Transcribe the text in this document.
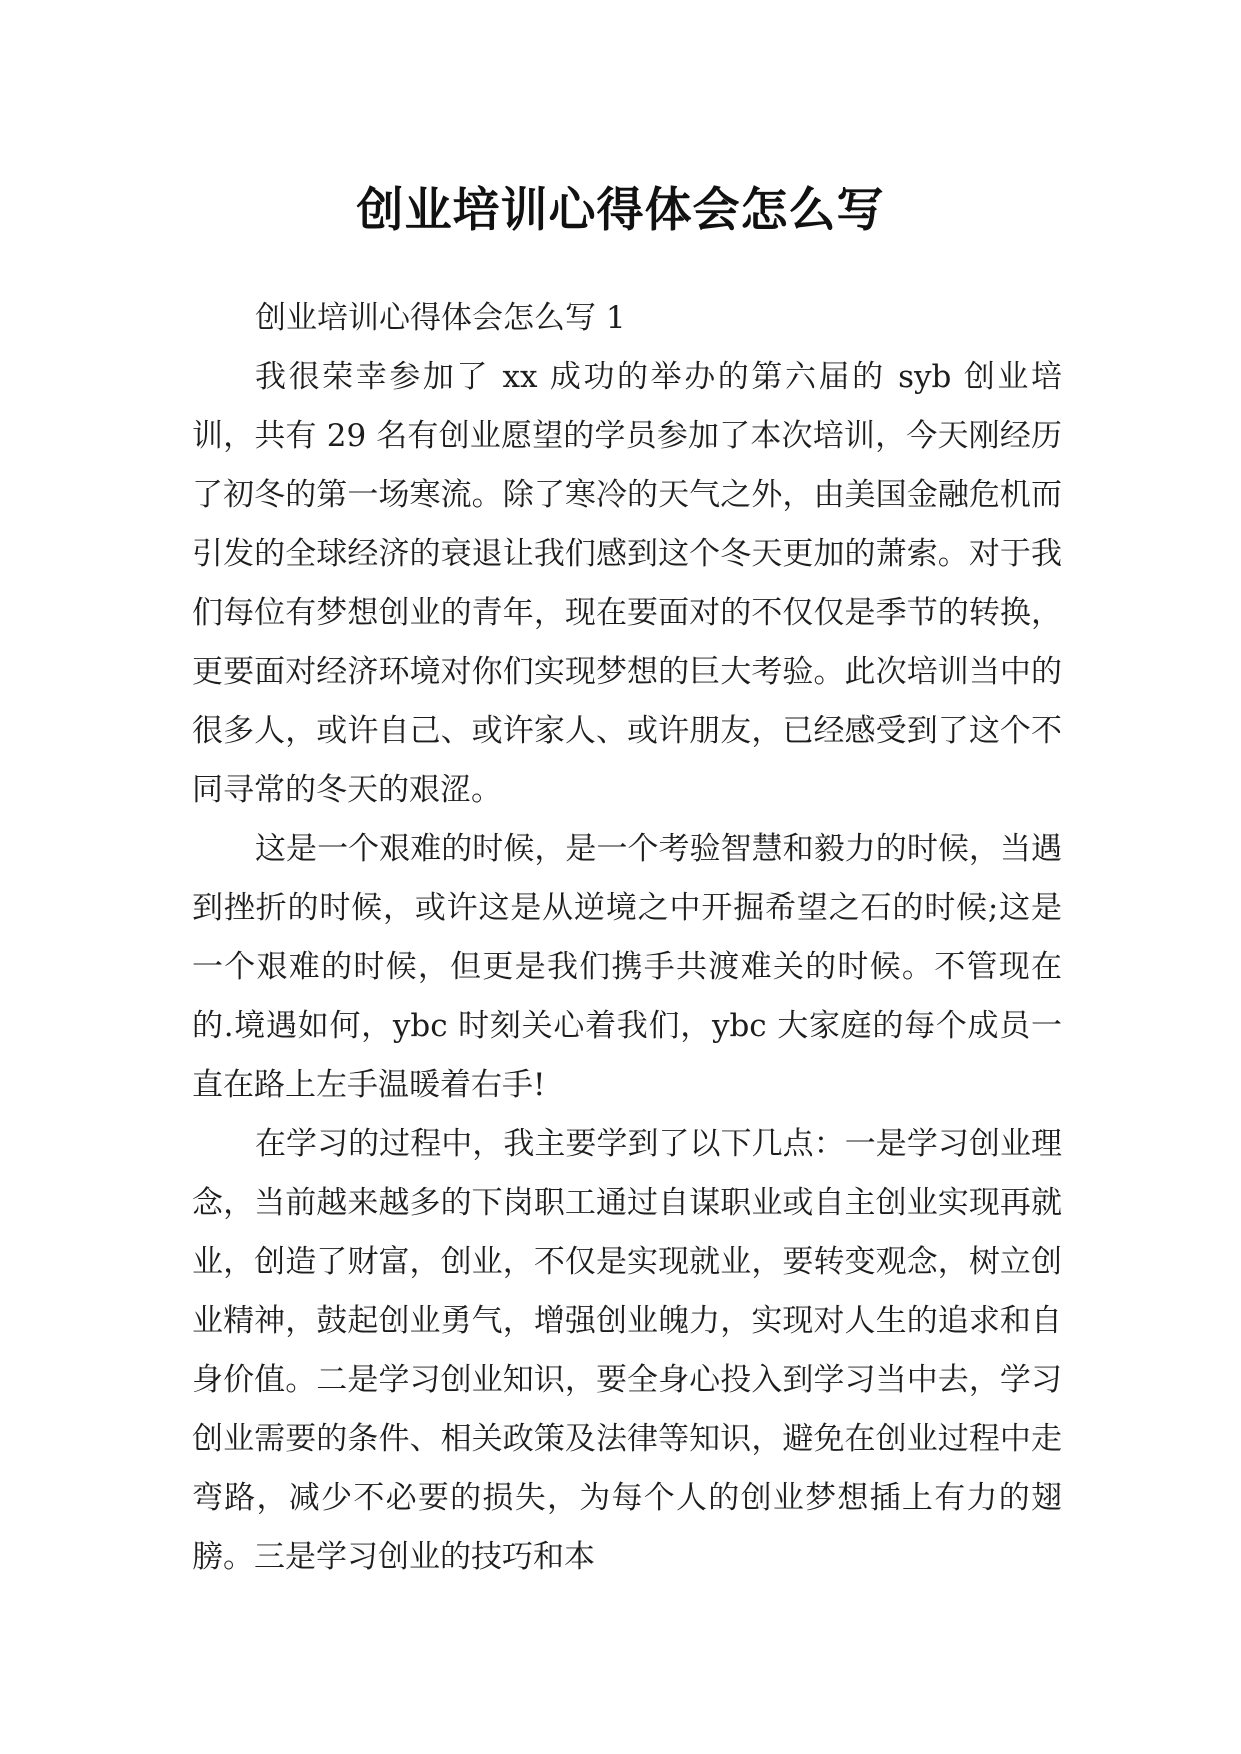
创业培训心得体会怎么写

创业培训心得体会怎么写 1

我很荣幸参加了 xx 成功的举办的第六届的 syb 创业培训，共有 29 名有创业愿望的学员参加了本次培训，今天刚经历了初冬的第一场寒流。除了寒冷的天气之外，由美国金融危机而引发的全球经济的衰退让我们感到这个冬天更加的萧索。对于我们每位有梦想创业的青年，现在要面对的不仅仅是季节的转换，更要面对经济环境对你们实现梦想的巨大考验。此次培训当中的很多人，或许自己、或许家人、或许朋友，已经感受到了这个不同寻常的冬天的艰涩。

这是一个艰难的时候，是一个考验智慧和毅力的时候，当遇到挫折的时候，或许这是从逆境之中开掘希望之石的时候;这是一个艰难的时候，但更是我们携手共渡难关的时候。不管现在的.境遇如何，ybc 时刻关心着我们，ybc 大家庭的每个成员一直在路上左手温暖着右手!

在学习的过程中，我主要学到了以下几点：一是学习创业理念，当前越来越多的下岗职工通过自谋职业或自主创业实现再就业，创造了财富，创业，不仅是实现就业，要转变观念，树立创业精神，鼓起创业勇气，增强创业魄力，实现对人生的追求和自身价值。二是学习创业知识，要全身心投入到学习当中去，学习创业需要的条件、相关政策及法律等知识，避免在创业过程中走弯路，减少不必要的损失，为每个人的创业梦想插上有力的翅膀。三是学习创业的技巧和本
